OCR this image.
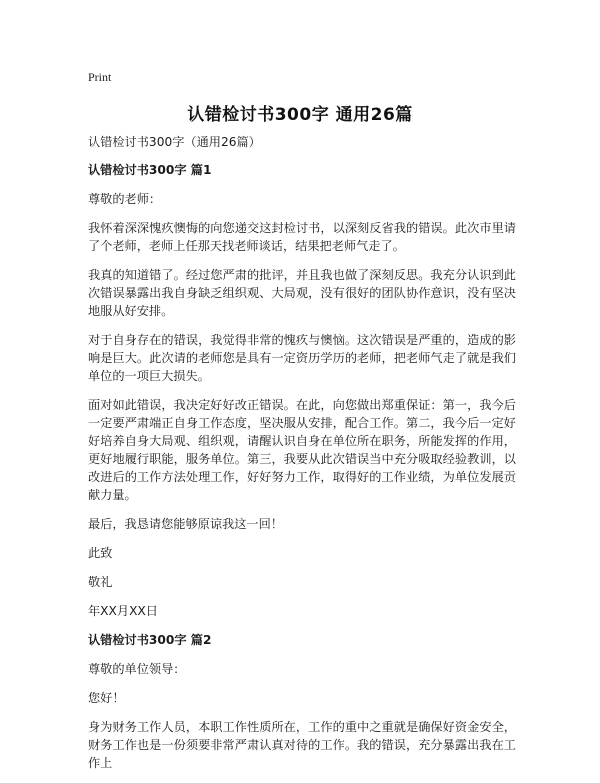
Print
认错检讨书300字 通用26篇

认错检讨书300字（通用26篇）

认错检讨书300字 篇1

尊敬的老师：

我怀着深深愧疚懊悔的向您递交这封检讨书，以深刻反省我的错误。此次市里请了个老师，老师上任那天找老师谈话，结果把老师气走了。

我真的知道错了。经过您严肃的批评，并且我也做了深刻反思。我充分认识到此次错误暴露出我自身缺乏组织观、大局观，没有很好的团队协作意识，没有坚决地服从好安排。

对于自身存在的错误，我觉得非常的愧疚与懊恼。这次错误是严重的，造成的影响是巨大。此次请的老师您是具有一定资历学历的老师，把老师气走了就是我们单位的一项巨大损失。

面对如此错误，我决定好好改正错误。在此，向您做出郑重保证：第一，我今后一定要严肃端正自身工作态度，坚决服从安排，配合工作。第二，我今后一定好好培养自身大局观、组织观，请醒认识自身在单位所在职务，所能发挥的作用，更好地履行职能，服务单位。第三，我要从此次错误当中充分吸取经验教训，以改进后的工作方法处理工作，好好努力工作，取得好的工作业绩，为单位发展贡献力量。

最后，我恳请您能够原谅我这一回！

此致

敬礼

年XX月XX日

认错检讨书300字 篇2

尊敬的单位领导：

您好！

身为财务工作人员，本职工作性质所在，工作的重中之重就是确保好资金安全，财务工作也是一份须要非常严肃认真对待的工作。我的错误，充分暴露出我在工作上
